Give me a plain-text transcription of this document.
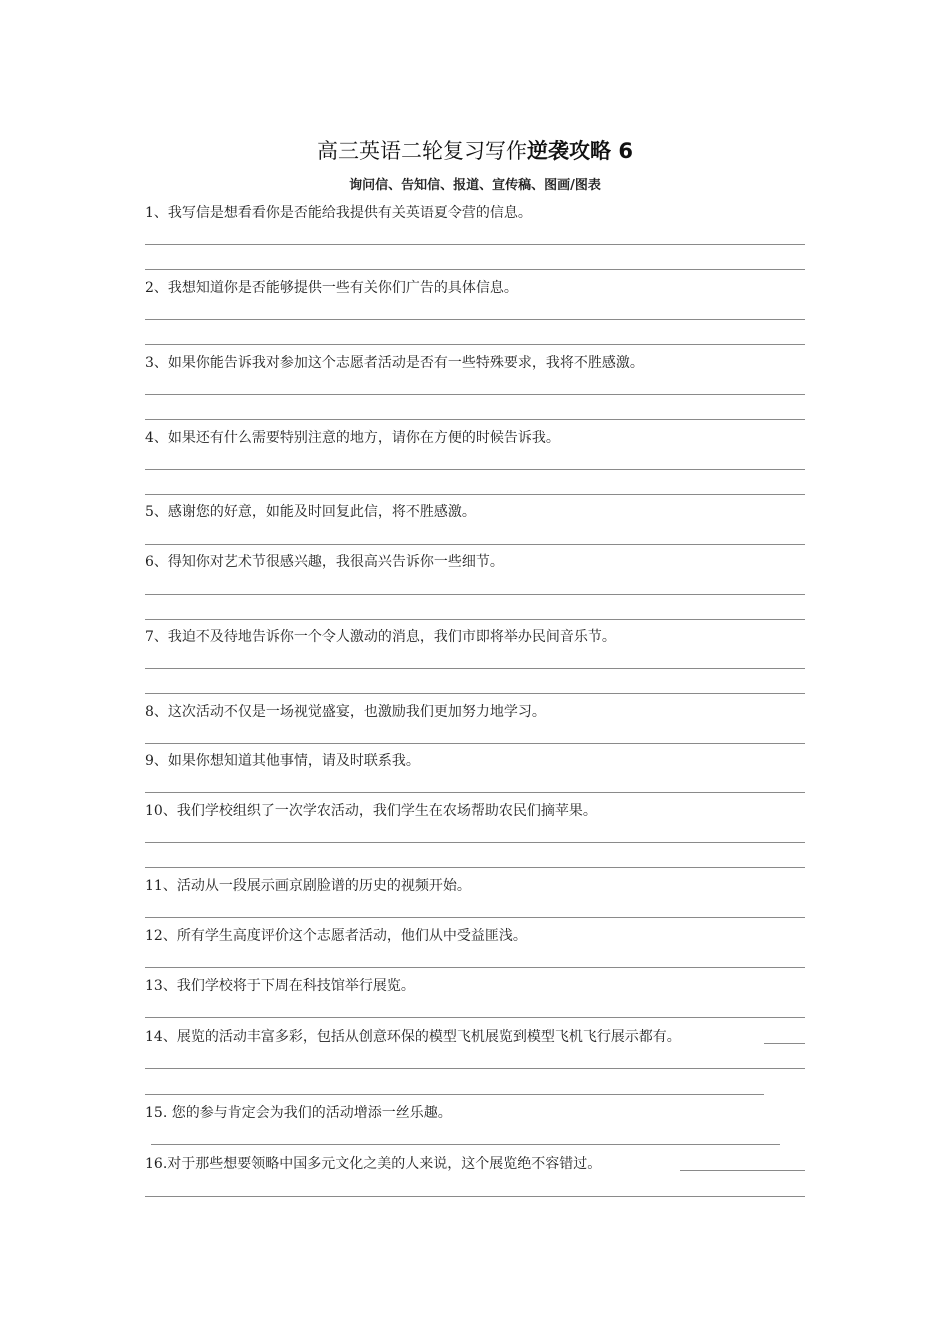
高三英语二轮复习写作逆袭攻略 6
询问信、告知信、报道、宣传稿、图画/图表
1、我写信是想看看你是否能给我提供有关英语夏令营的信息。
2、我想知道你是否能够提供一些有关你们广告的具体信息。
3、如果你能告诉我对参加这个志愿者活动是否有一些特殊要求，我将不胜感激。
4、如果还有什么需要特别注意的地方，请你在方便的时候告诉我。
5、感谢您的好意，如能及时回复此信，将不胜感激。
6、得知你对艺术节很感兴趣，我很高兴告诉你一些细节。
7、我迫不及待地告诉你一个令人激动的消息，我们市即将举办民间音乐节。
8、这次活动不仅是一场视觉盛宴，也激励我们更加努力地学习。
9、如果你想知道其他事情，请及时联系我。
10、我们学校组织了一次学农活动，我们学生在农场帮助农民们摘苹果。
11、活动从一段展示画京剧脸谱的历史的视频开始。
12、所有学生高度评价这个志愿者活动，他们从中受益匪浅。
13、我们学校将于下周在科技馆举行展览。
14、展览的活动丰富多彩，包括从创意环保的模型飞机展览到模型飞机飞行展示都有。
15. 您的参与肯定会为我们的活动增添一丝乐趣。
16.对于那些想要领略中国多元文化之美的人来说，这个展览绝不容错过。
